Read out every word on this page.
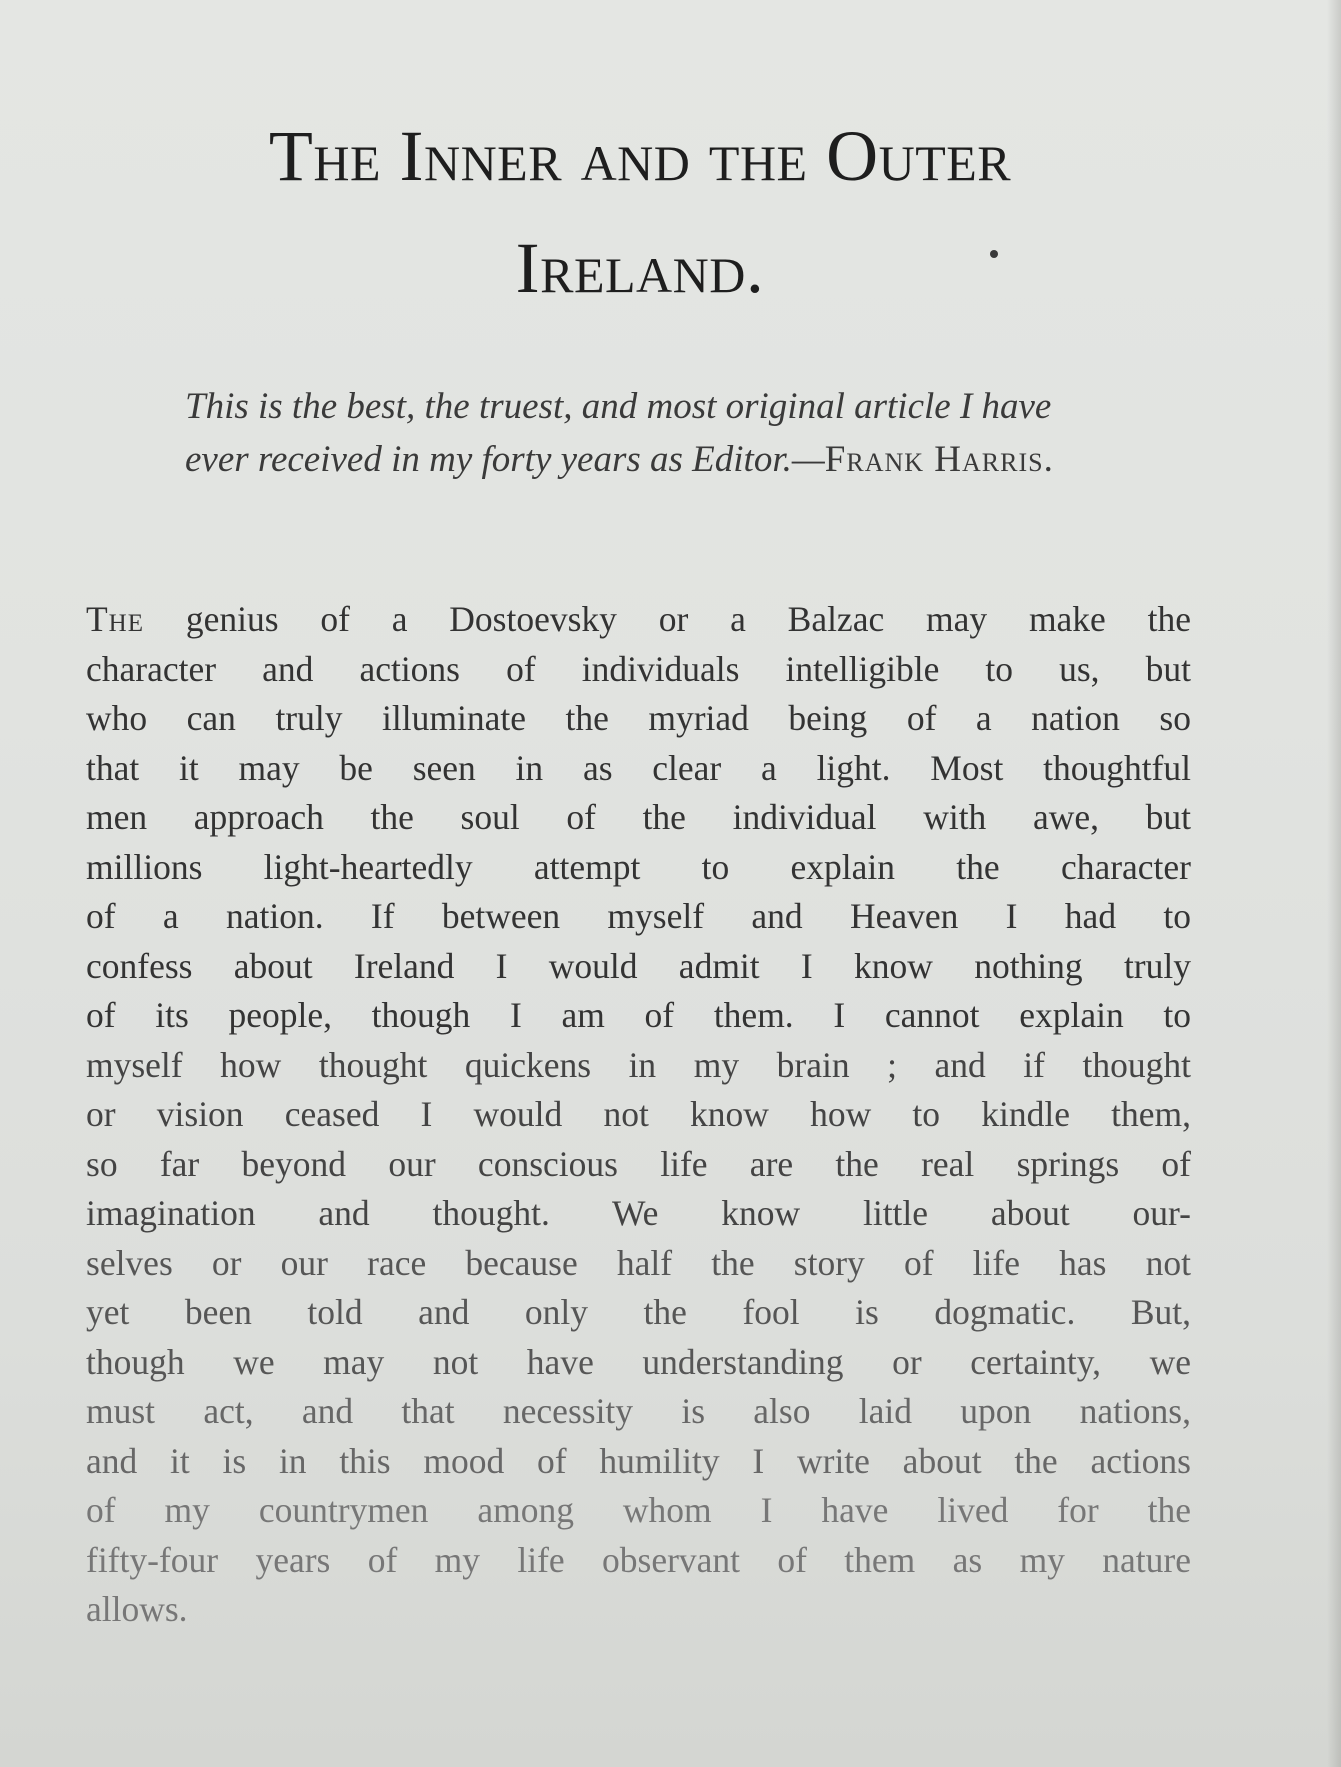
The Inner and the Outer
Ireland.

This is the best, the truest, and most original article I have ever received in my forty years as Editor.—Frank Harris.

The genius of a Dostoevsky or a Balzac may make the
character and actions of individuals intelligible to us, but
who can truly illuminate the myriad being of a nation so
that it may be seen in as clear a light. Most thoughtful
men approach the soul of the individual with awe, but
millions light-heartedly attempt to explain the character
of a nation. If between myself and Heaven I had to
confess about Ireland I would admit I know nothing truly
of its people, though I am of them. I cannot explain to
myself how thought quickens in my brain ; and if thought
or vision ceased I would not know how to kindle them,
so far beyond our conscious life are the real springs of
imagination and thought. We know little about our-
selves or our race because half the story of life has not
yet been told and only the fool is dogmatic. But,
though we may not have understanding or certainty, we
must act, and that necessity is also laid upon nations,
and it is in this mood of humility I write about the actions
of my countrymen among whom I have lived for the
fifty-four years of my life observant of them as my nature
allows.
